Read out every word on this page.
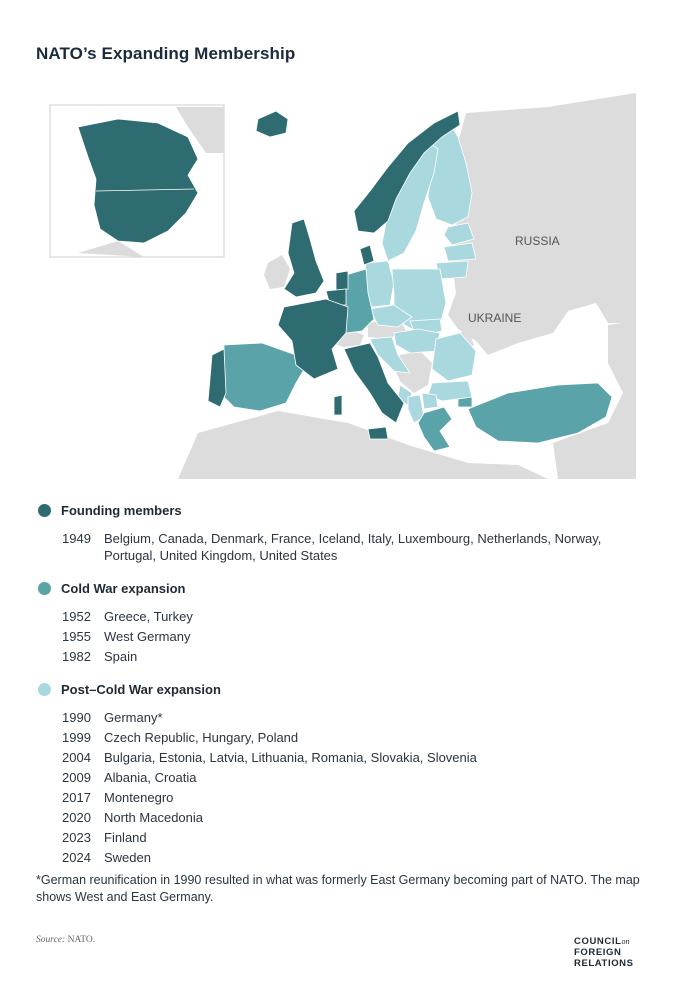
NATO’s Expanding Membership
RUSSIA
UKRAINE
Founding members
1949	Belgium, Canada, Denmark, France, Iceland, Italy, Luxembourg, Netherlands, Norway, Portugal, United Kingdom, United States
Cold War expansion
1952	Greece, Turkey
1955	West Germany
1982	Spain
Post–Cold War expansion
1990	Germany*
1999	Czech Republic, Hungary, Poland
2004	Bulgaria, Estonia, Latvia, Lithuania, Romania, Slovakia, Slovenia
2009	Albania, Croatia
2017	Montenegro
2020	North Macedonia
2023	Finland
2024	Sweden
*German reunification in 1990 resulted in what was formerly East Germany becoming part of NATO. The map shows West and East Germany.
Source: NATO.	COUNCILon
FOREIGN
RELATIONS
